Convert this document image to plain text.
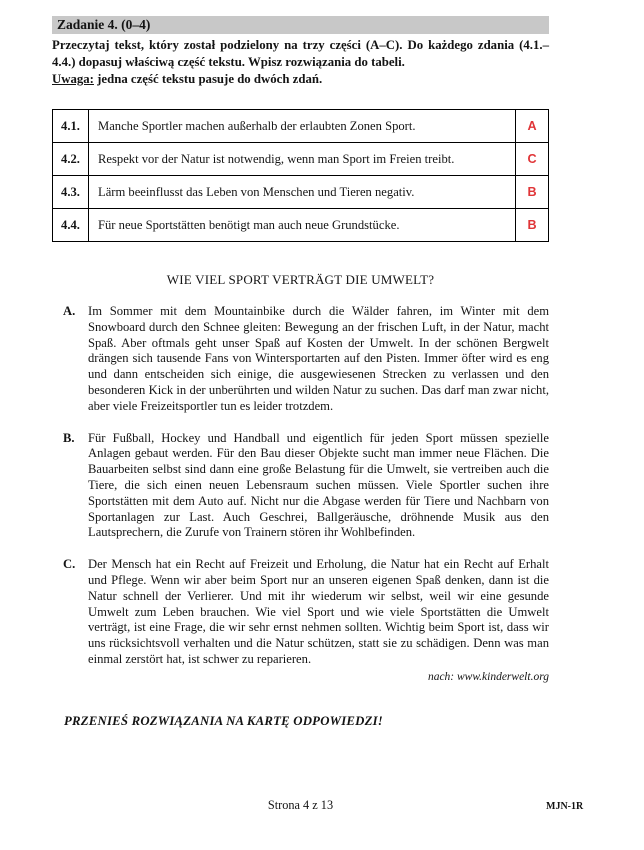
Zadanie 4. (0–4)

Przeczytaj tekst, który został podzielony na trzy części (A–C). Do każdego zdania (4.1.–4.4.) dopasuj właściwą część tekstu. Wpisz rozwiązania do tabeli.

Uwaga: jedna część tekstu pasuje do dwóch zdań.

4.1.	Manche Sportler machen außerhalb der erlaubten Zonen Sport.	A
4.2.	Respekt vor der Natur ist notwendig, wenn man Sport im Freien treibt.	C
4.3.	Lärm beeinflusst das Leben von Menschen und Tieren negativ.	B
4.4.	Für neue Sportstätten benötigt man auch neue Grundstücke.	B
WIE VIEL SPORT VERTRÄGT DIE UMWELT?
A.	Im Sommer mit dem Mountainbike durch die Wälder fahren, im Winter mit dem Snowboard durch den Schnee gleiten: Bewegung an der frischen Luft, in der Natur, macht Spaß. Aber oftmals geht unser Spaß auf Kosten der Umwelt. In der schönen Bergwelt drängen sich tausende Fans von Wintersportarten auf den Pisten. Immer öfter wird es eng und dann entscheiden sich einige, die ausgewiesenen Strecken zu verlassen und den besonderen Kick in der unberührten und wilden Natur zu suchen. Das darf man zwar nicht, aber viele Freizeitsportler tun es leider trotzdem.
B.	Für Fußball, Hockey und Handball und eigentlich für jeden Sport müssen spezielle Anlagen gebaut werden. Für den Bau dieser Objekte sucht man immer neue Flächen. Die Bauarbeiten selbst sind dann eine große Belastung für die Umwelt, sie vertreiben auch die Tiere, die sich einen neuen Lebensraum suchen müssen. Viele Sportler suchen ihre Sportstätten mit dem Auto auf. Nicht nur die Abgase werden für Tiere und Nachbarn von Sportanlagen zur Last. Auch Geschrei, Ballgeräusche, dröhnende Musik aus den Lautsprechern, die Zurufe von Trainern stören ihr Wohlbefinden.
C.	Der Mensch hat ein Recht auf Freizeit und Erholung, die Natur hat ein Recht auf Erhalt und Pflege. Wenn wir aber beim Sport nur an unseren eigenen Spaß denken, dann ist die Natur schnell der Verlierer. Und mit ihr wiederum wir selbst, weil wir eine gesunde Umwelt zum Leben brauchen. Wie viel Sport und wie viele Sportstätten die Umwelt verträgt, ist eine Frage, die wir sehr ernst nehmen sollten. Wichtig beim Sport ist, dass wir uns rücksichtsvoll verhalten und die Natur schützen, statt sie zu schädigen. Denn was man einmal zerstört hat, ist schwer zu reparieren.
nach: www.kinderwelt.org
PRZENIEŚ ROZWIĄZANIA NA KARTĘ ODPOWIEDZI!
Strona 4 z 13	MJN-1R
